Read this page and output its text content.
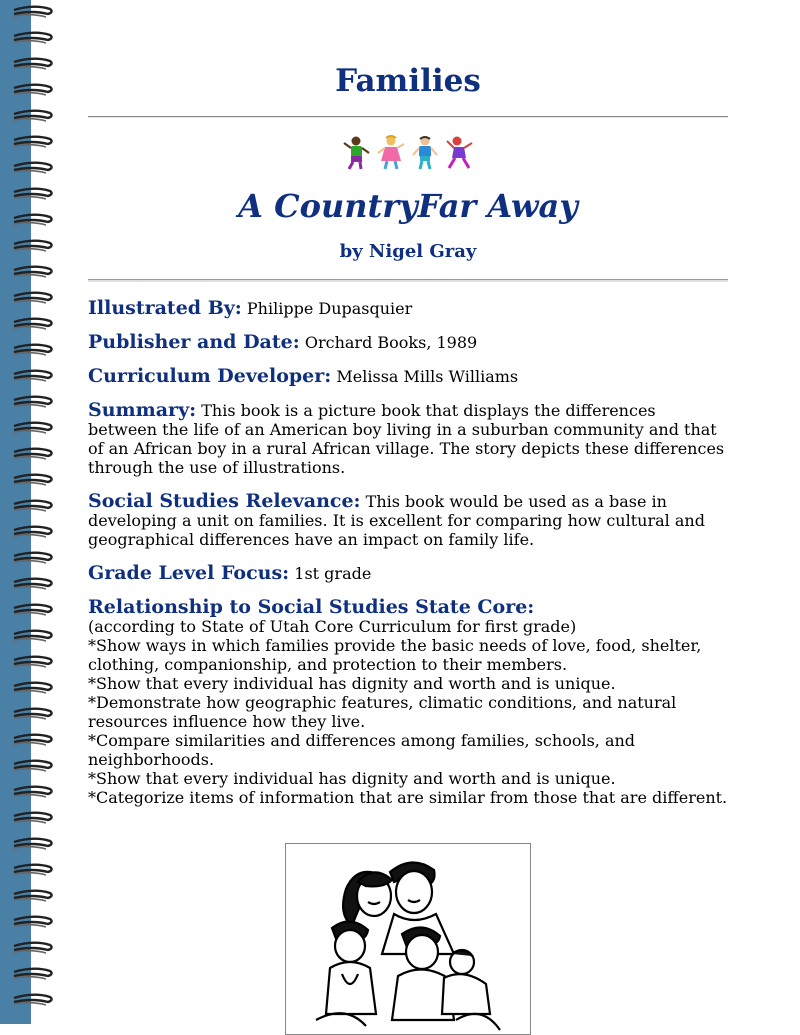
Families
A CountryFar Away
by Nigel Gray
Illustrated By: Philippe Dupasquier
Publisher and Date: Orchard Books, 1989
Curriculum Developer: Melissa Mills Williams
Summary: This book is a picture book that displays the differences between the life of an American boy living in a suburban community and that of an African boy in a rural African village. The story depicts these differences through the use of illustrations.
Social Studies Relevance: This book would be used as a base in developing a unit on families. It is excellent for comparing how cultural and geographical differences have an impact on family life.
Grade Level Focus: 1st grade
Relationship to Social Studies State Core:
(according to State of Utah Core Curriculum for first grade)
*Show ways in which families provide the basic needs of love, food, shelter, clothing, companionship, and protection to their members.
*Show that every individual has dignity and worth and is unique.
*Demonstrate how geographic features, climatic conditions, and natural resources influence how they live.
*Compare similarities and differences among families, schools, and neighborhoods.
*Show that every individual has dignity and worth and is unique.
*Categorize items of information that are similar from those that are different.
